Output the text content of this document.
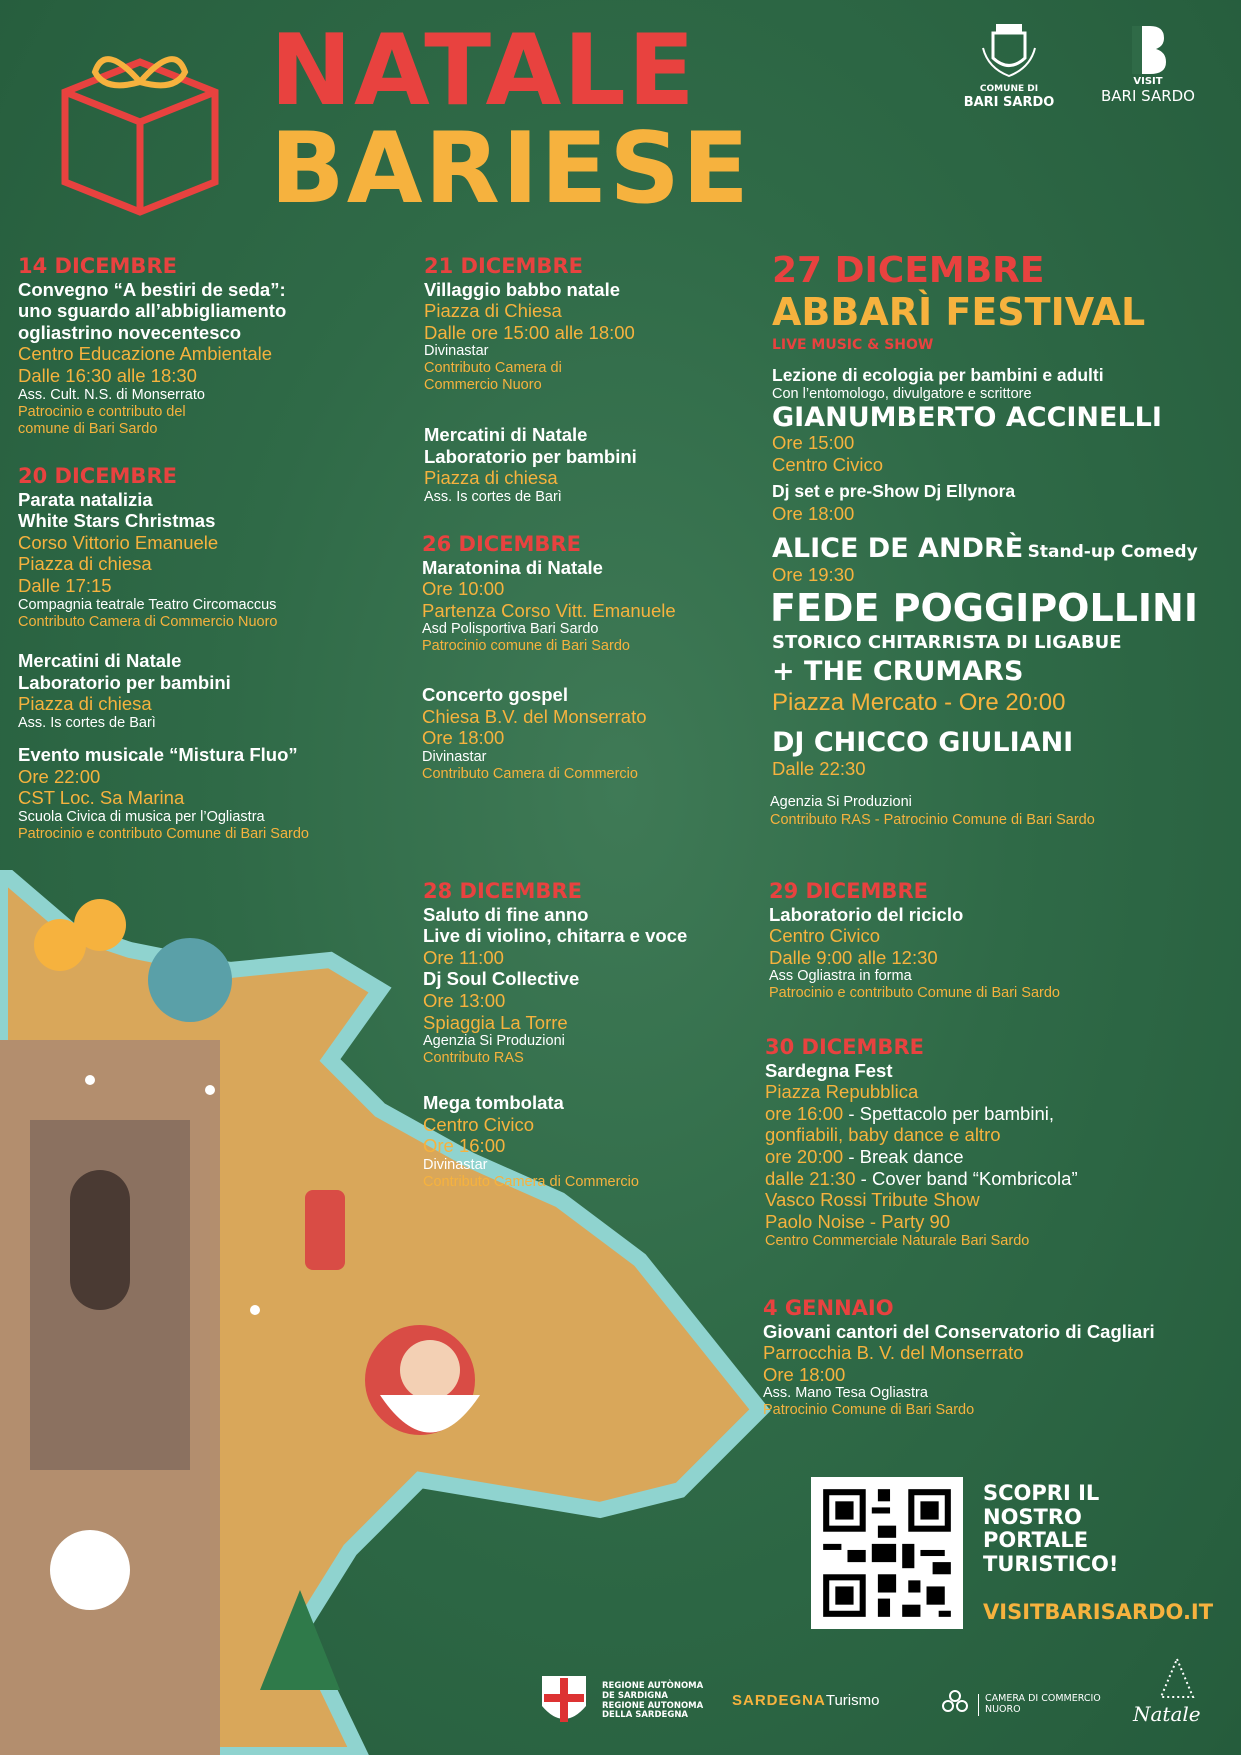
NATALE
BARIESE
COMUNE DI
BARI SARDO
VISIT
BARI SARDO
14 DICEMBRE
Convegno “A bestiri de seda”:
uno sguardo all’abbigliamento
ogliastrino novecentesco
Centro Educazione Ambientale
Dalle 16:30 alle 18:30
Ass. Cult. N.S. di Monserrato
Patrocinio e contributo del
comune di Bari Sardo
20 DICEMBRE
Parata natalizia
White Stars Christmas
Corso Vittorio Emanuele
Piazza di chiesa
Dalle 17:15
Compagnia teatrale Teatro Circomaccus
Contributo Camera di Commercio Nuoro
Mercatini di Natale
Laboratorio per bambini
Piazza di chiesa
Ass. Is cortes de Barì
Evento musicale “Mistura Fluo”
Ore 22:00
CST Loc. Sa Marina
Scuola Civica di musica per l’Ogliastra
Patrocinio e contributo Comune di Bari Sardo
21 DICEMBRE
Villaggio babbo natale
Piazza di Chiesa
Dalle ore 15:00 alle 18:00
Divinastar
Contributo Camera di
Commercio Nuoro
Mercatini di Natale
Laboratorio per bambini
Piazza di chiesa
Ass. Is cortes de Barì
26 DICEMBRE
Maratonina di Natale
Ore 10:00
Partenza Corso Vitt. Emanuele
Asd Polisportiva Bari Sardo
Patrocinio comune di Bari Sardo
Concerto gospel
Chiesa B.V. del Monserrato
Ore 18:00
Divinastar
Contributo Camera di Commercio
28 DICEMBRE
Saluto di fine anno
Live di violino, chitarra e voce
Ore 11:00
Dj Soul Collective
Ore 13:00
Spiaggia La Torre
Agenzia Si Produzioni
Contributo RAS
Mega tombolata
Centro Civico
Ore 16:00
Divinastar
Contributo Camera di Commercio
27 DICEMBRE
ABBARÌ FESTIVAL
LIVE MUSIC & SHOW
Lezione di ecologia per bambini e adulti
Con l’entomologo, divulgatore e scrittore
GIANUMBERTO ACCINELLI
Ore 15:00
Centro Civico
Dj set e pre-Show Dj Ellynora
Ore 18:00
ALICE DE ANDRÈ Stand-up Comedy
Ore 19:30
FEDE POGGIPOLLINI
STORICO CHITARRISTA DI LIGABUE
+ THE CRUMARS
Piazza Mercato - Ore 20:00
DJ CHICCO GIULIANI
Dalle 22:30
Agenzia Si Produzioni
Contributo RAS - Patrocinio Comune di Bari Sardo
29 DICEMBRE
Laboratorio del riciclo
Centro Civico
Dalle 9:00 alle 12:30
Ass Ogliastra in forma
Patrocinio e contributo Comune di Bari Sardo
30 DICEMBRE
Sardegna Fest
Piazza Repubblica
ore 16:00 - Spettacolo per bambini,
gonfiabili, baby dance e altro
ore 20:00 - Break dance
dalle 21:30 - Cover band “Kombricola”
Vasco Rossi Tribute Show
Paolo Noise - Party 90
Centro Commerciale Naturale Bari Sardo
4 GENNAIO
Giovani cantori del Conservatorio di Cagliari
Parrocchia B. V. del Monserrato
Ore 18:00
Ass. Mano Tesa Ogliastra
Patrocinio Comune di Bari Sardo
SCOPRI IL
NOSTRO
PORTALE
TURISTICO!
VISITBARISARDO.IT
REGIONE AUTÒNOMA
DE SARDIGNA
REGIONE AUTONOMA
DELLA SARDEGNA
SARDEGNATurismo	CAMERA DI COMMERCIO
NUORO	Natale
